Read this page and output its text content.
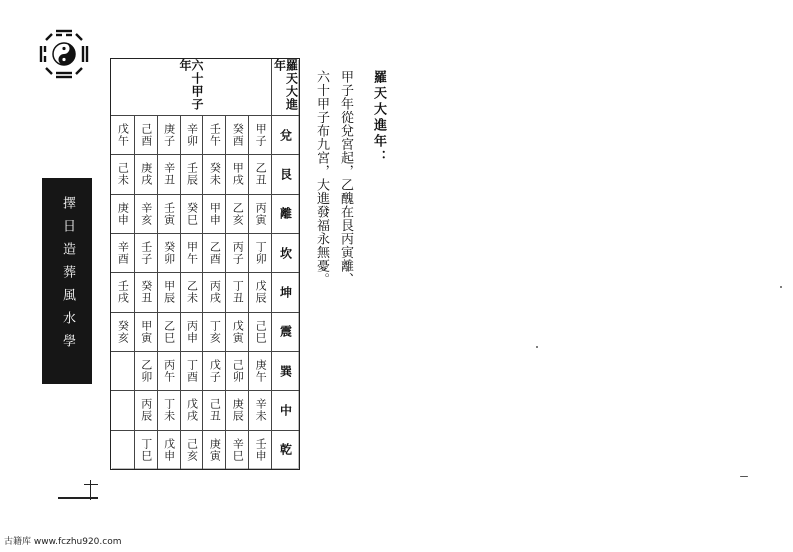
擇日造葬風水學
羅天大進年：
甲子年從兌宮起，乙醜在艮丙寅離、
六十甲子布九宮，大進發福永無憂。
羅天大進年
六十甲子年
兌
艮
離
坎
坤
震
巽
中
乾
甲子
乙丑
丙寅
丁卯
戊辰
己巳
庚午
辛未
壬申
癸酉
甲戌
乙亥
丙子
丁丑
戊寅
己卯
庚辰
辛巳
壬午
癸未
甲申
乙酉
丙戌
丁亥
戊子
己丑
庚寅
辛卯
壬辰
癸巳
甲午
乙未
丙申
丁酉
戊戌
己亥
庚子
辛丑
壬寅
癸卯
甲辰
乙巳
丙午
丁未
戊申
己酉
庚戌
辛亥
壬子
癸丑
甲寅
乙卯
丙辰
丁巳
戊午
己未
庚申
辛酉
壬戌
癸亥
古籍库 www.fczhu920.com
